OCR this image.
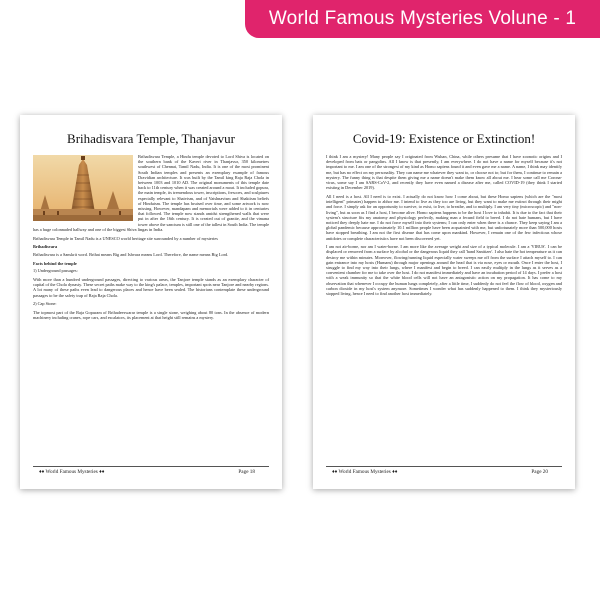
World Famous Mysteries Volune - 1
Brihadisvara Temple, Thanjavur

Brihadisvara Temple, a Hindu temple devoted to Lord Shiva is located on the southern bank of the Kaveri river in Thanjavur, 350 kilometres southwest of Chennai, Tamil Nadu, India. It is one of the most prominent South Indian temples and presents an exemplary example of famous Dravidian architecture. It was built by the Tamil king Raja Raja Chola in between 1003 and 1010 AD. The original monuments of this temple date back to 11th century when it was created around a moat. It included gopura, the main temple, its tremendous tower, inscriptions, frescoes, and sculptures especially relevant to Shaivism, and of Vaishnavism and Shaktism beliefs of Hinduism. The temple has bruised over time, and some artwork is now missing. However, mandapam and memorials were added to it in centuries that followed. The temple now stands amidst strengthened walls that were put in after the 16th century. It is created out of granite, and the vimana tower above the sanctum is still one of the tallest in South India. The temple has a huge colonnaded hallway and one of the biggest Shiva lingas in India.

Brihadisvara Temple in Tamil Nadu is a UNESCO world heritage site surrounded by a number of mysteries

Brihadisvara

Brihadisvara is a Sanskrit word. Brihat means Big and Ishvara means Lord. Therefore, the name means Big Lord.

Facts behind the temple

1) Underground passages:

With more than a hundred underground passages, directing to various areas, the Tanjore temple stands as an exemplary character of capital of the Chola dynasty. These secret paths make way to the king's palace, temples, important spots near Tanjore and nearby regions. A lot many of these paths even lead to dangerous places and hence have been sealed. The historians contemplate these underground passages to be the safety trap of Raja Raja Chola.

2) Cap Stone:

The topmost part of the Raja Gopuram of Brihadeeswarar temple is a single stone, weighing about 80 tons. In the absence of modern machinery including cranes, rope cars, and escalators, its placement at that height still remains a mystery.

♦♦ World Famous Mysteries ♦♦	Page 18
Covid-19: Existence or Extinction!

I think I am a mystery! Many people say I originated from Wuhan, China, while others presume that I have zoonotic origins and I developed from bats or pangolins. All I know is that presently, I am everywhere. I do not have a name for myself because it's not important to me. I am one of the strongest of my kind as Homo sapiens found it and even gave me a name. A name, I think may identify me, but has no effect on my personality. They can name me whatever they want to, or choose not to; but for them, I continue to remain a mystery. The funny thing is that despite them giving me a name doesn't make them know all about me. I hear some call me Corona-virus, some say I am SARS-CoV-2, and recently they have even named a disease after me, called COVID-19 (they think I started existing in December 2019).

All I need is a host. All I need is to exist. I actually do not know how I come about, but these Homo sapiens (which are the "most intelligent" primates) happen to abhor me. I intend to live as they too are living, but they want to make me extinct through their might and force. I simply ask for an opportunity to survive, to exist, to live, to breathe, and to multiply. I am very tiny (microscopic) and "non-living", but as soon as I find a host, I become alive. Homo sapiens happens to be the host I love to inhabit. It is due to the fact that their system's structure fits my anatomy and physiology perfectly, making man a fecund field to breed. I do not hate humans, but I have noticed they deeply hate me. I do not force myself into their systems; I can only enter when there is a chance. They keep saying I am a global pandemic because approximately 10.1 million people have been acquainted with me, but unfortunately more than 500,000 hosts have stopped breathing. I am not the first disease that has come upon mankind. However, I remain one of the few infectious whose antidotes or complete characteristics have not been discovered yet.

I am not air-borne, nor am I water-borne. I am more like the average weight and size of a typical molecule. I am a 'VIRUS'. I can be displaced or removed from a surface by alcohol or the dangerous liquid they call 'hand Sanitizer'. I also hate the hot temperature as it can destroy me within minutes. Moreover, flowing/running liquid especially water sweeps me off from the surface I attach myself to. I can gain entrance into my hosts (Humans) through major openings around the head that is via nose, eyes or mouth. Once I enter the host, I struggle to find my way into their lungs, where I manifest and begin to breed. I can easily multiply in the lungs as it serves as a convenient chamber for me to take over the host. I do not manifest immediately and have an incubation period of 14 days. I prefer a host with a weak immunity so that the white blood cells will not have an antagonistic action on my propagation. It has come to my observation that whenever I occupy the human lungs completely, after a little time, I suddenly do not feel the flow of blood, oxygen and carbon dioxide in my host's system anymore. Sometimes I wonder what has suddenly happened to them. I think they mysteriously stopped living, hence I need to find another host immediately.

♦♦ World Famous Mysteries ♦♦	Page 20
